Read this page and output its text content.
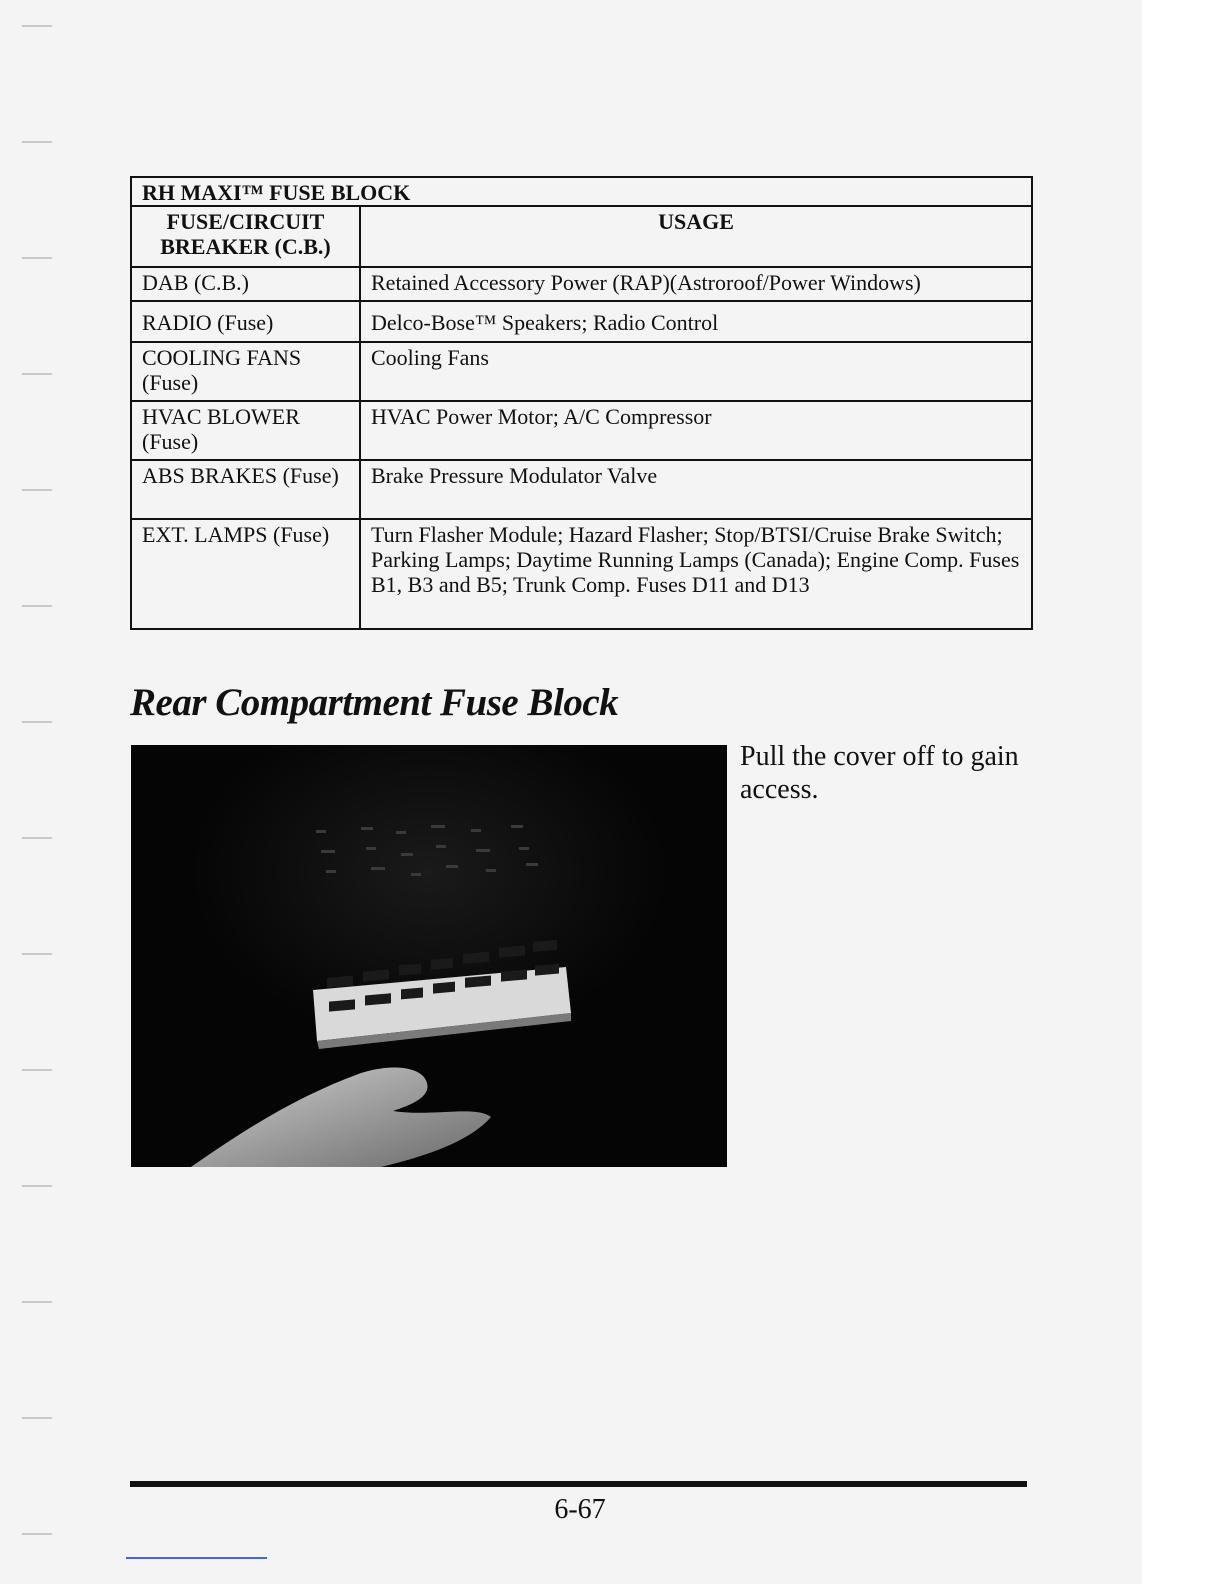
RH MAXI™ FUSE BLOCK	
FUSE/CIRCUIT BREAKER (C.B.)	USAGE
DAB (C.B.)	Retained Accessory Power (RAP)(Astroroof/Power Windows)
RADIO (Fuse)	Delco-Bose™ Speakers; Radio Control
COOLING FANS (Fuse)	Cooling Fans
HVAC BLOWER (Fuse)	HVAC Power Motor; A/C Compressor
ABS BRAKES (Fuse)	Brake Pressure Modulator Valve
EXT. LAMPS (Fuse)	Turn Flasher Module; Hazard Flasher; Stop/BTSI/Cruise Brake Switch; Parking Lamps; Daytime Running Lamps (Canada); Engine Comp. Fuses B1, B3 and B5; Trunk Comp. Fuses D11 and D13
Rear Compartment Fuse Block

Pull the cover off to gain access.

6-67
